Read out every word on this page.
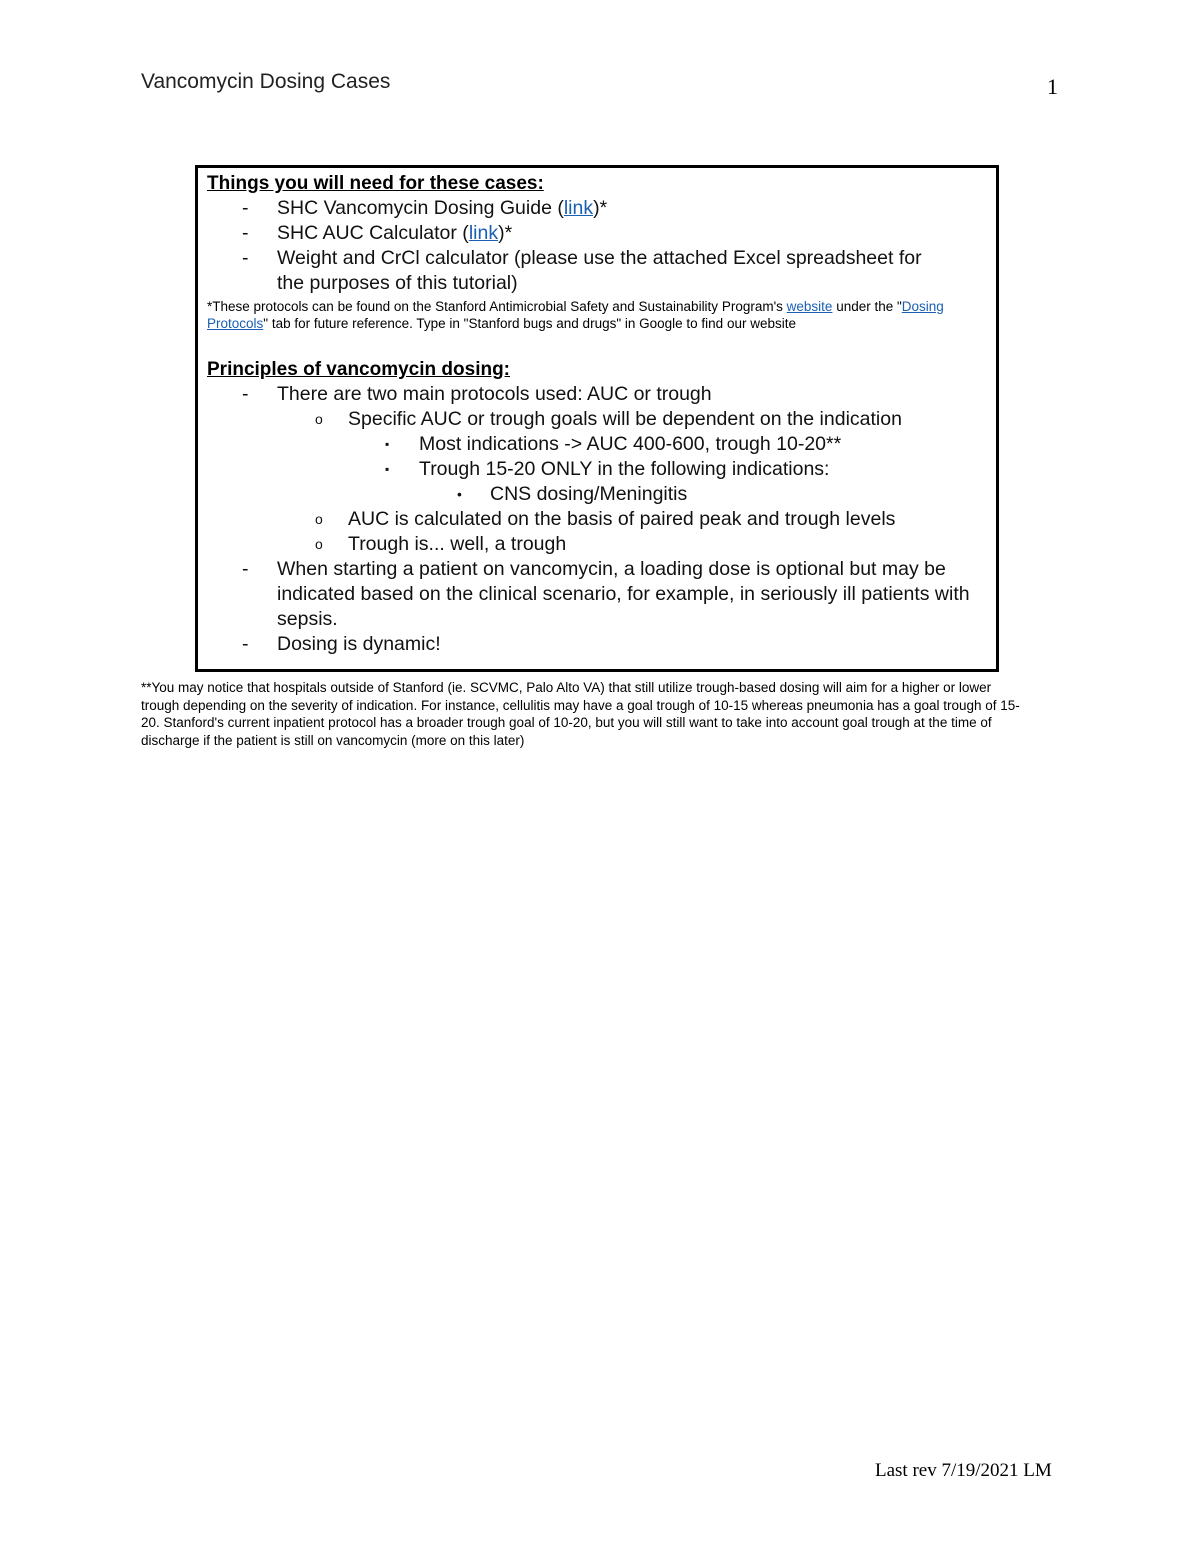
Vancomycin Dosing Cases	1
Things you will need for these cases:
- SHC Vancomycin Dosing Guide (link)*
- SHC AUC Calculator (link)*
- Weight and CrCl calculator (please use the attached Excel spreadsheet for
the purposes of this tutorial)
*These protocols can be found on the Stanford Antimicrobial Safety and Sustainability Program's website under the "Dosing Protocols" tab for future reference. Type in "Stanford bugs and drugs" in Google to find our website
Principles of vancomycin dosing:
- There are two main protocols used: AUC or trough
o Specific AUC or trough goals will be dependent on the indication
▪ Most indications -> AUC 400-600, trough 10-20**
▪ Trough 15-20 ONLY in the following indications:
• CNS dosing/Meningitis
o AUC is calculated on the basis of paired peak and trough levels
o Trough is... well, a trough
- When starting a patient on vancomycin, a loading dose is optional but may be indicated based on the clinical scenario, for example, in seriously ill patients with sepsis.
- Dosing is dynamic!
**You may notice that hospitals outside of Stanford (ie. SCVMC, Palo Alto VA) that still utilize trough-based dosing will aim for a higher or lower trough depending on the severity of indication. For instance, cellulitis may have a goal trough of 10-15 whereas pneumonia has a goal trough of 15-20. Stanford's current inpatient protocol has a broader trough goal of 10-20, but you will still want to take into account goal trough at the time of discharge if the patient is still on vancomycin (more on this later)
Last rev 7/19/2021 LM
